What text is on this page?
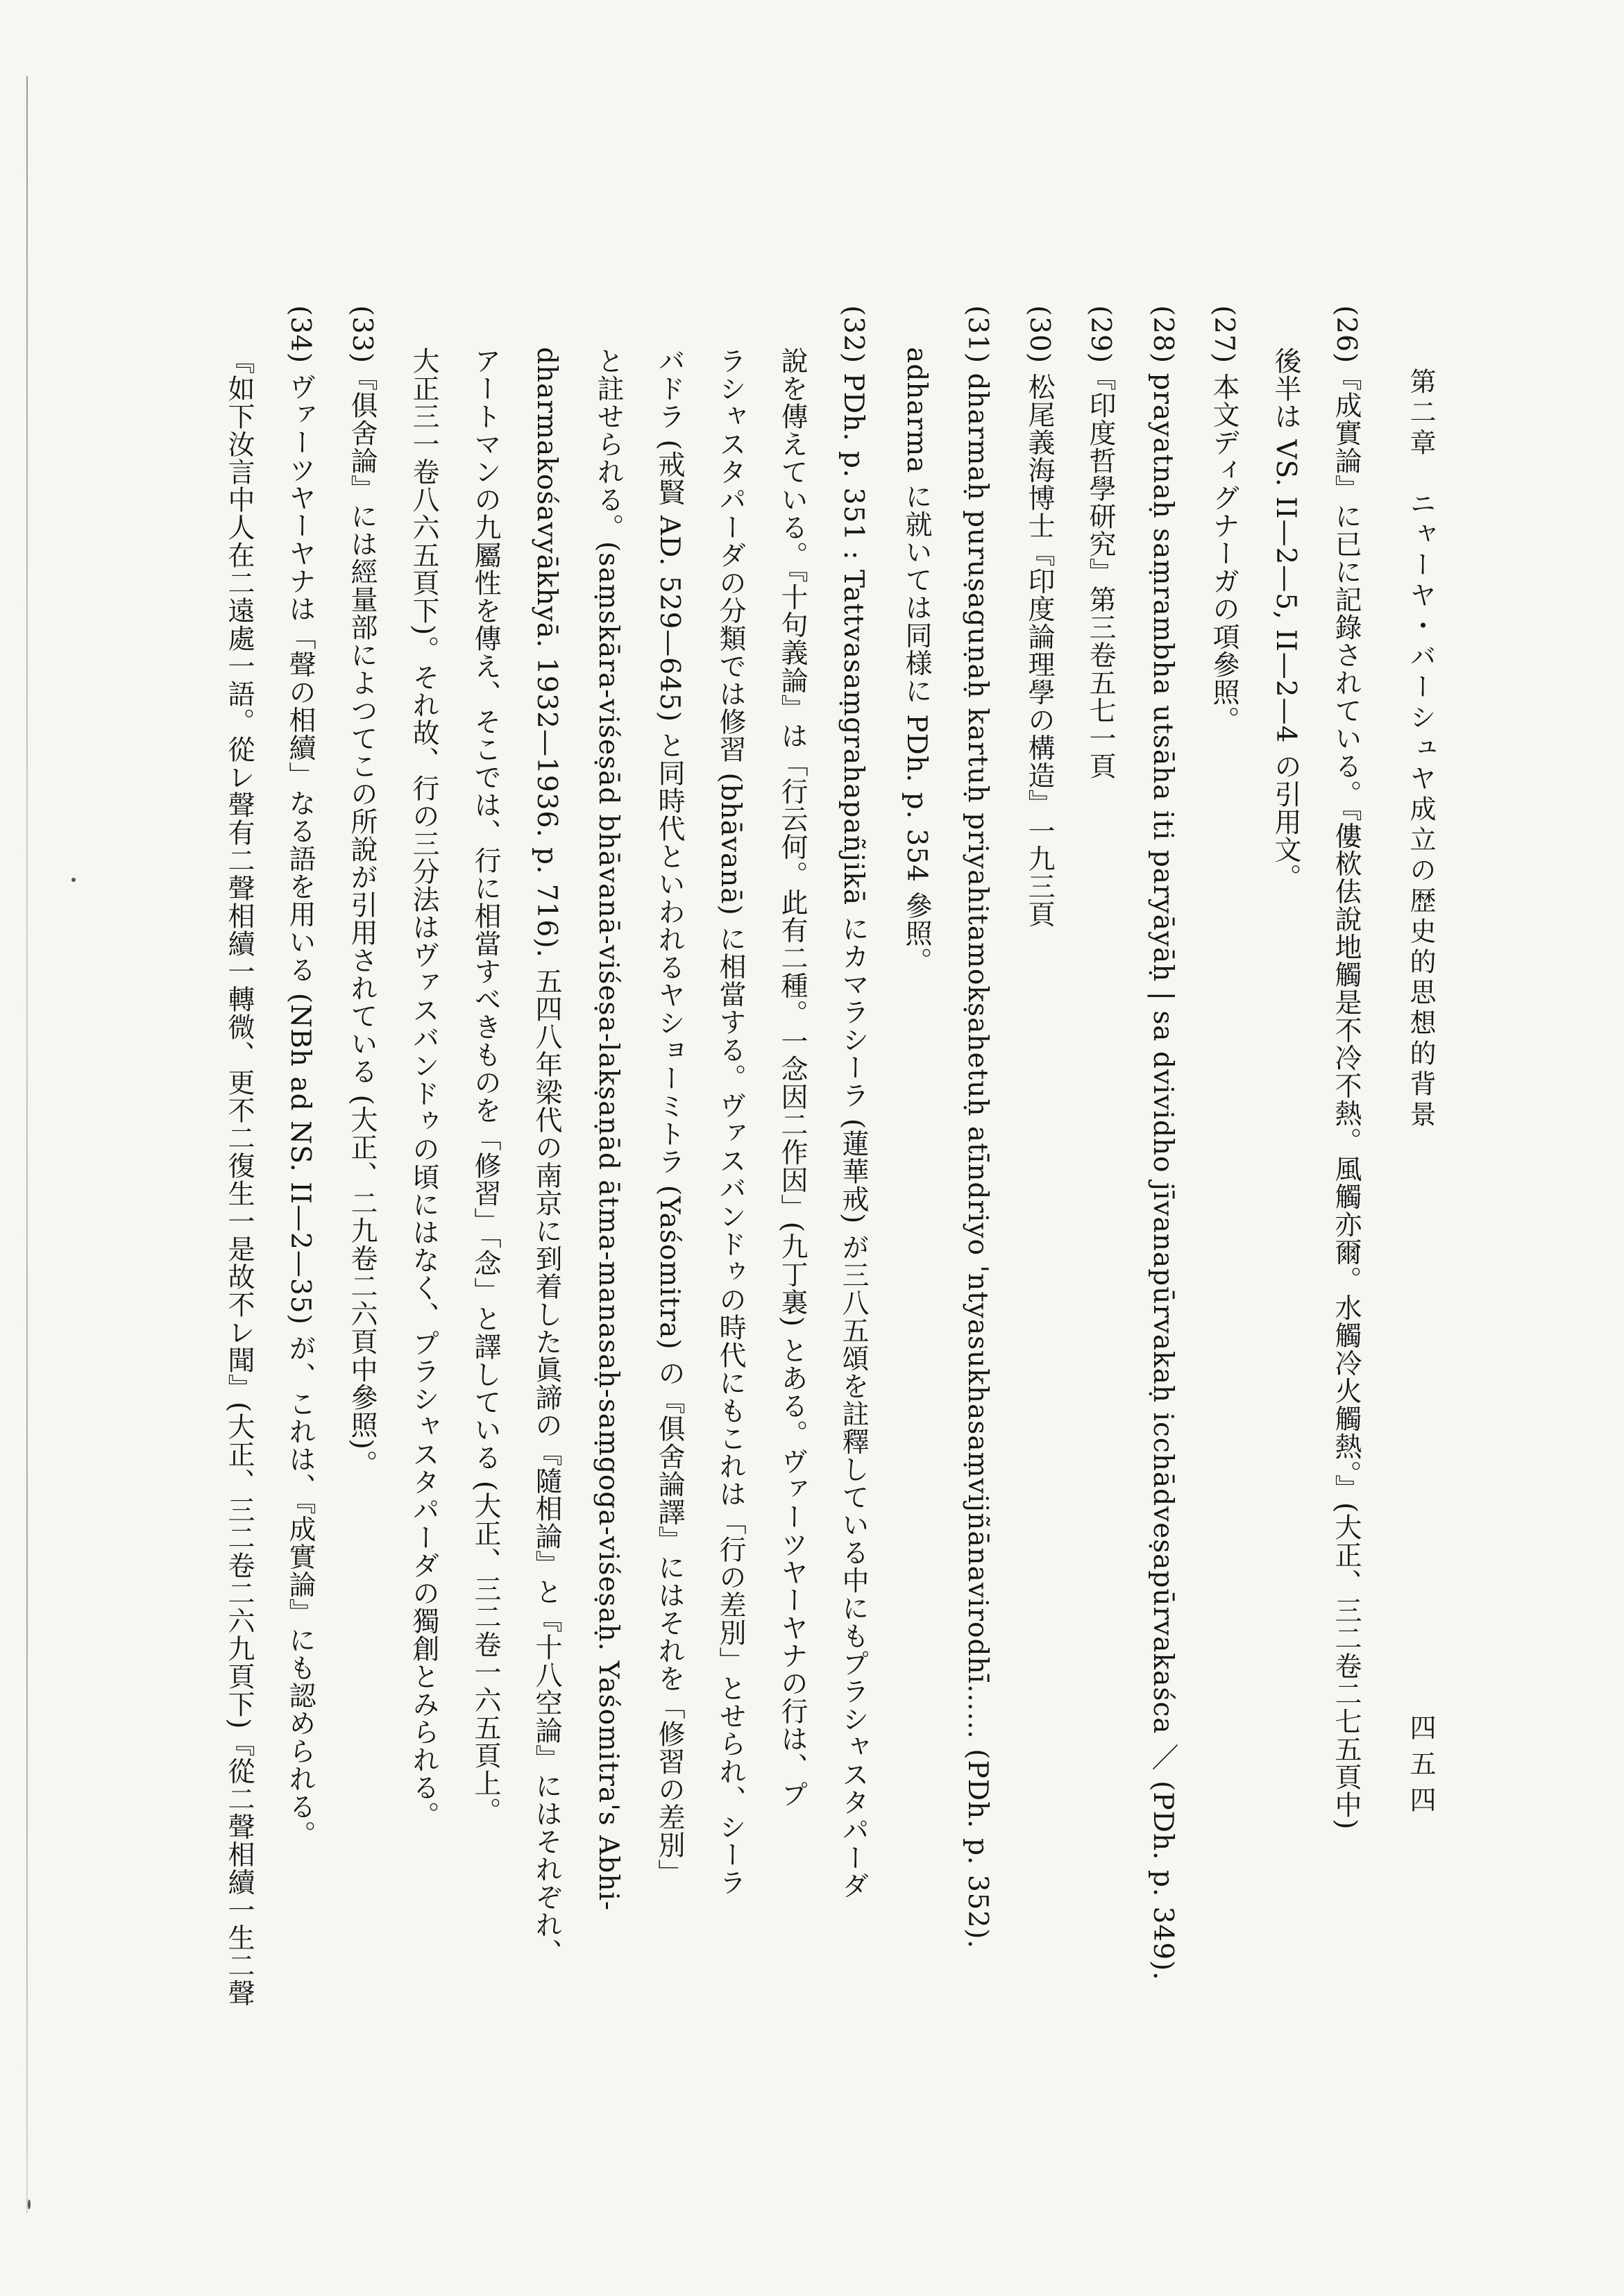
第二章　ニャーヤ・バーシュヤ成立の歴史的思想的背景
四五四
(26)『成實論』に已に記錄されている。『僂栨佉說地觸是不冷不熱。風觸亦爾。水觸冷火觸熱。』(大正、三二卷二七五頁中)
後半は VS. II—2—5, II—2—4 の引用文。
(27) 本文ディグナーガの項參照。
(28) prayatnaḥ saṃrambha utsāha iti paryāyāḥ | sa dvividho jīvanapūrvakaḥ icchādveṣapūrvakaśca ／ (PDh. p. 349).
(29)『印度哲學研究』第三卷五七一頁
(30) 松尾義海博士『印度論理學の構造』一九三頁
(31) dharmaḥ puruṣaguṇaḥ kartuḥ priyahitamokṣahetuḥ atīndriyo 'ntyasukhasaṃvijñānavirodhī…… (PDh. p. 352).
adharma に就いては同様に PDh. p. 354 參照。
(32) PDh. p. 351 : Tattvasaṃgrahapañjikā にカマラシーラ (蓮華戒) が三八五頌を註釋している中にもプラシャスタパーダ
說を傳えている。『十句義論』は「行云何。此有二種。一念因二作因」(九丁裏) とある。ヴァーツヤーヤナの行は、プ
ラシャスタパーダの分類では修習 (bhāvanā) に相當する。ヴァスバンドゥの時代にもこれは「行の差別」とせられ、シーラ
バドラ (戒賢 AD. 529—645) と同時代といわれるヤショーミトラ (Yaśomitra) の『俱舍論譯』にはそれを「修習の差別」
と註せられる。(saṃskāra-viśeṣād bhāvanā-viśeṣa-lakṣaṇād ātma-manasaḥ-saṃgoga-viśeṣaḥ. Yaśomitra's Abhi-
dharmakośavyākhyā. 1932—1936. p. 716). 五四八年梁代の南京に到着した眞諦の『隨相論』と『十八空論』にはそれぞれ、
アートマンの九屬性を傳え、そこでは、行に相當すべきものを「修習」「念」と譯している (大正、三二卷一六五頁上。
大正三一卷八六五頁下)。それ故、行の三分法はヴァスバンドゥの頃にはなく、プラシャスタパーダの獨創とみられる。
(33)『俱舍論』には經量部によつてこの所說が引用されている (大正、二九卷二六頁中參照)。
(34) ヴァーツヤーヤナは「聲の相續」なる語を用いる (NBh ad NS. II—2—35) が、これは、『成實論』にも認められる。
『如下汝言中人在二遠處一語。從レ聲有二聲相續一轉微、更不二復生一是故不レ聞』(大正、三二卷二六九頁下)『從二聲相續一生二聲
